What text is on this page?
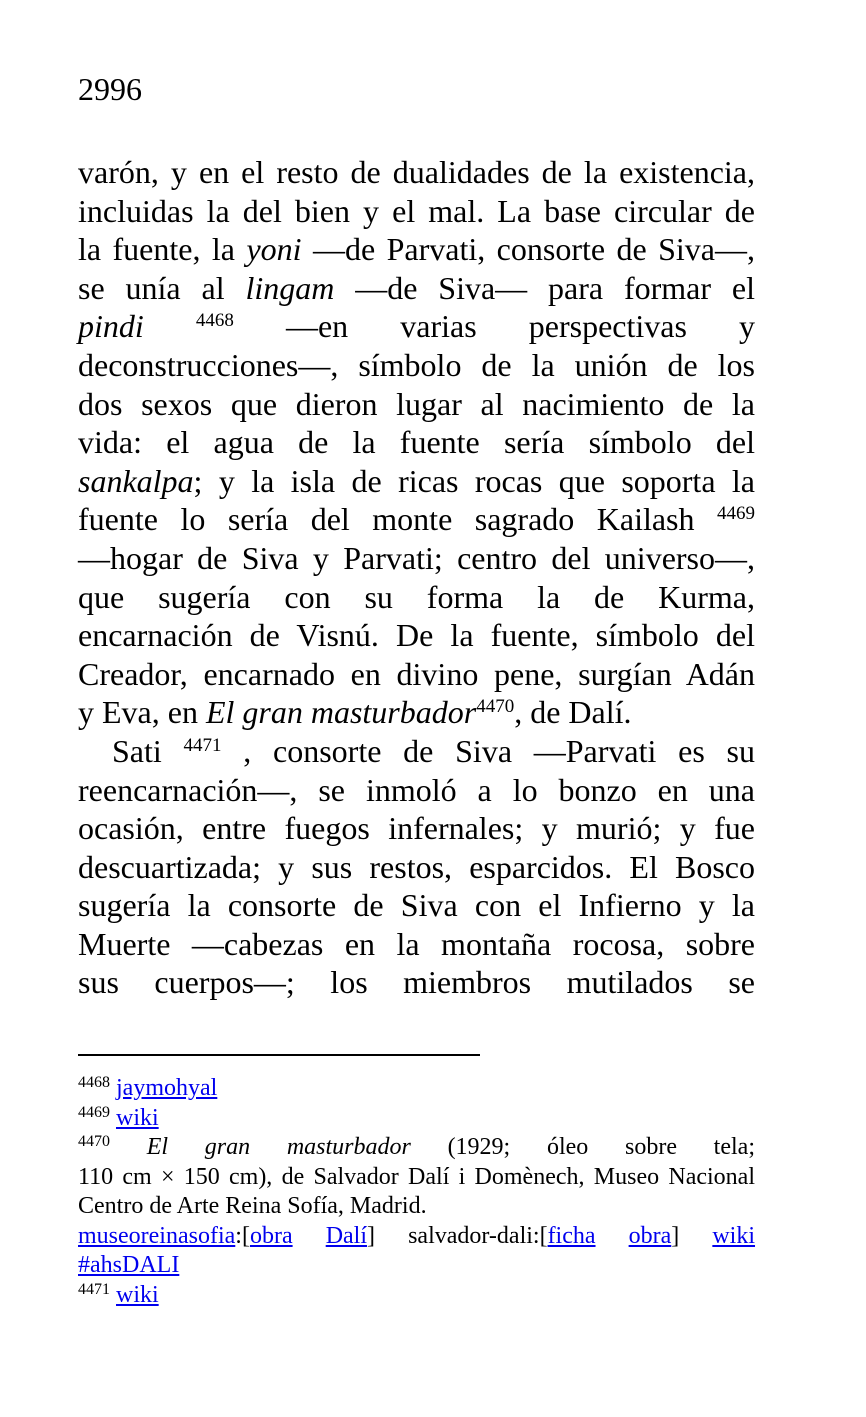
2996
varón, y en el resto de dualidades de la existencia,
incluidas la del bien y el mal. La base circular de
la fuente, la yoni —de Parvati, consorte de Siva—,
se unía al lingam —de Siva— para formar el
pindi	$^{4468}$ —en varias perspectivas y
deconstrucciones—, símbolo de la unión de los
dos sexos que dieron lugar al nacimiento de la
vida: el agua de la fuente sería símbolo del
sankalpa; y la isla de ricas rocas que soporta la
fuente lo sería del monte sagrado Kailash $^{4469}$
—hogar de Siva y Parvati; centro del universo—,
que sugería con su forma la de Kurma,
encarnación de Visnú. De la fuente, símbolo del
Creador, encarnado en divino pene, surgían Adán
y Eva, en El gran masturbador$^{4470}$, de Dalí.
Sati $^{4471}$ , consorte de Siva —Parvati es su
reencarnación—, se inmoló a lo bonzo en una
ocasión, entre fuegos infernales; y murió; y fue
descuartizada; y sus restos, esparcidos. El Bosco
sugería la consorte de Siva con el Infierno y la
Muerte —cabezas en la montaña rocosa, sobre
sus cuerpos—; los miembros mutilados se
$^{4468}$ jaymohyal
$^{4469}$ wiki
$^{4470}$ El gran masturbador (1929; óleo sobre tela;
110 cm × 150 cm), de Salvador Dalí i Domènech, Museo Nacional
Centro de Arte Reina Sofía, Madrid.
museoreinasofia:[obra Dalí] salvador-dali:[ficha obra] wiki
#ahsDALI
$^{4471}$ wiki
